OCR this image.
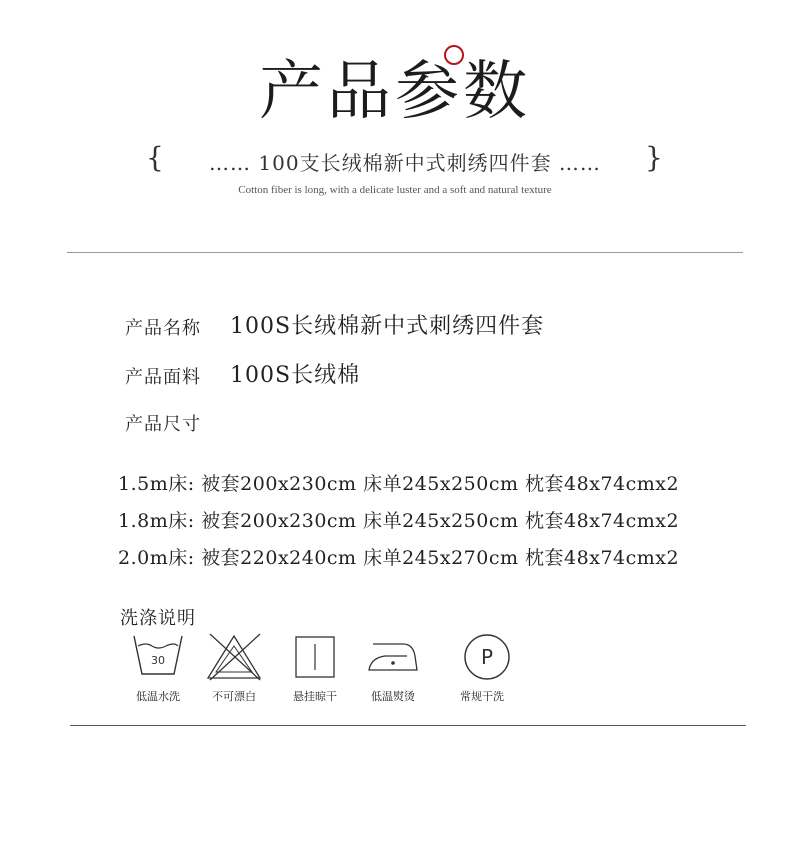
产品参数
{	…… 100支长绒棉新中式刺绣四件套 ……	}
Cotton fiber is long, with a delicate luster and a soft and natural texture
产品名称 100S长绒棉新中式刺绣四件套
产品面料 100S长绒棉
产品尺寸
1.5m床: 被套200x230cm 床单245x250cm 枕套48x74cmx2
1.8m床: 被套200x230cm 床单245x250cm 枕套48x74cmx2
2.0m床: 被套220x240cm 床单245x270cm 枕套48x74cmx2
洗涤说明
30
低温水洗	不可漂白	悬挂晾干	低温熨烫
P
常规干洗
